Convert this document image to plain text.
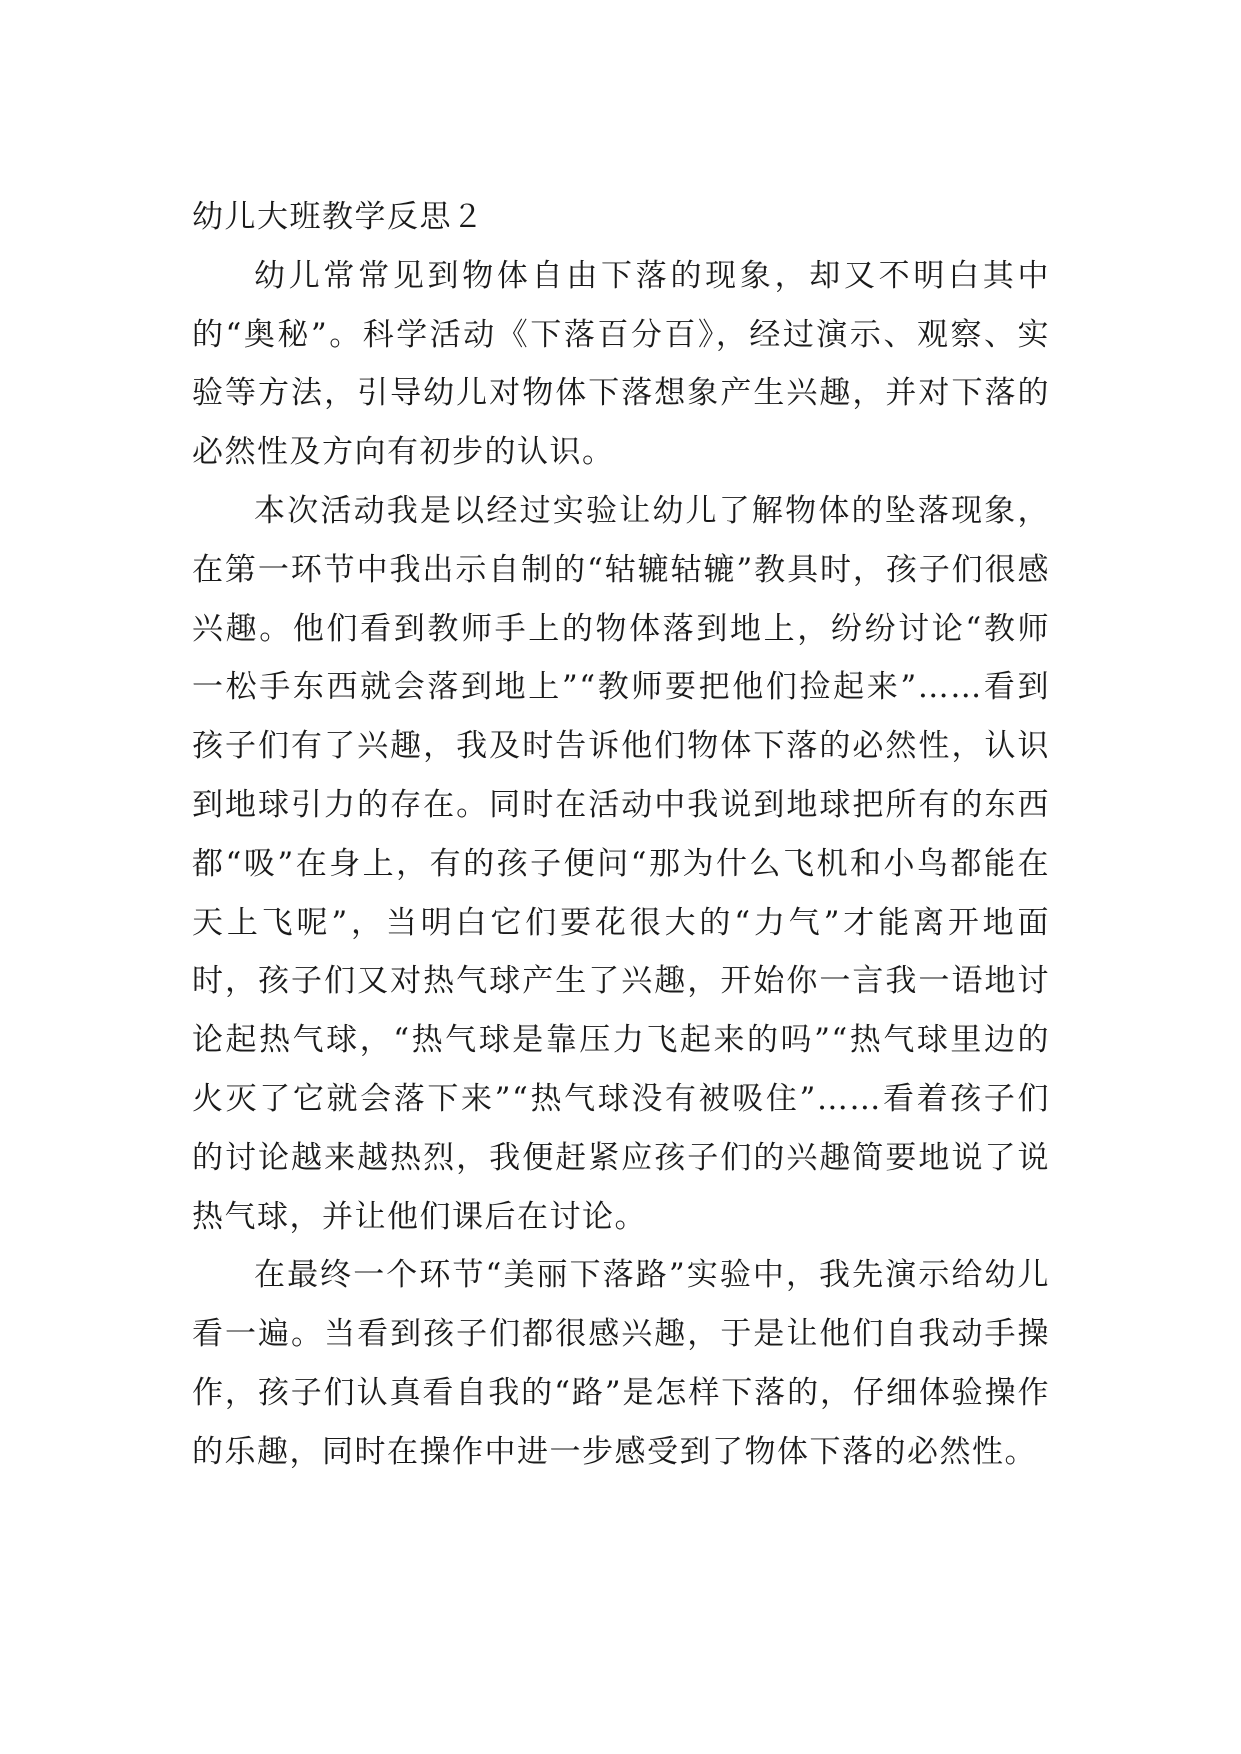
幼儿大班教学反思２

幼儿常常见到物体自由下落的现象，却又不明白其中的“奥秘”。科学活动《下落百分百》，经过演示、观察、实验等方法，引导幼儿对物体下落想象产生兴趣，并对下落的必然性及方向有初步的认识。

本次活动我是以经过实验让幼儿了解物体的坠落现象，在第一环节中我出示自制的“轱辘轱辘”教具时，孩子们很感兴趣。他们看到教师手上的物体落到地上，纷纷讨论“教师一松手东西就会落到地上”“教师要把他们捡起来”……看到孩子们有了兴趣，我及时告诉他们物体下落的必然性，认识到地球引力的存在。同时在活动中我说到地球把所有的东西都“吸”在身上，有的孩子便问“那为什么飞机和小鸟都能在天上飞呢”，当明白它们要花很大的“力气”才能离开地面时，孩子们又对热气球产生了兴趣，开始你一言我一语地讨论起热气球，“热气球是靠压力飞起来的吗”“热气球里边的火灭了它就会落下来”“热气球没有被吸住”……看着孩子们的讨论越来越热烈，我便赶紧应孩子们的兴趣简要地说了说热气球，并让他们课后在讨论。

在最终一个环节“美丽下落路”实验中，我先演示给幼儿看一遍。当看到孩子们都很感兴趣，于是让他们自我动手操作，孩子们认真看自我的“路”是怎样下落的，仔细体验操作的乐趣，同时在操作中进一步感受到了物体下落的必然性。
